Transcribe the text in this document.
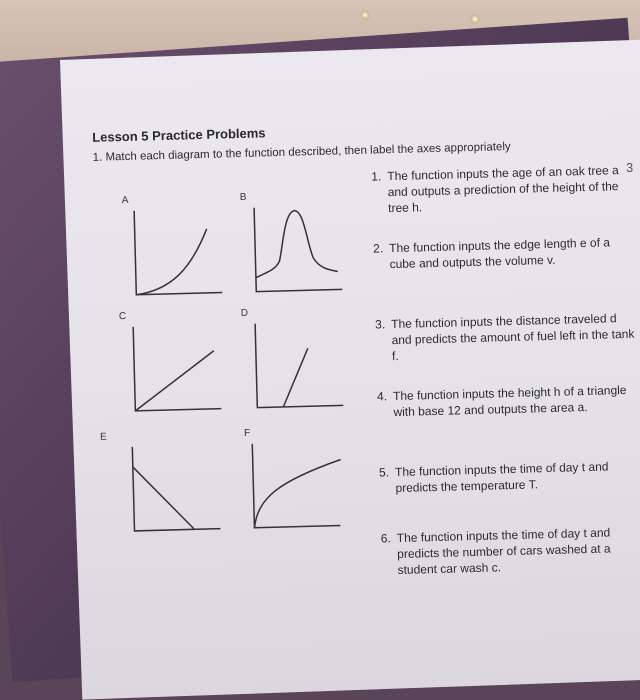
3
Lesson 5 Practice Problems
1. Match each diagram to the function described, then label the axes appropriately
A	B
C	D
E	F
1. The function inputs the age of an oak tree a and outputs a prediction of the height of the tree h.
2. The function inputs the edge length e of a cube and outputs the volume v.
3. The function inputs the distance traveled d and predicts the amount of fuel left in the tank f.
4. The function inputs the height h of a triangle with base 12 and outputs the area a.
5. The function inputs the time of day t and predicts the temperature T.
6. The function inputs the time of day t and predicts the number of cars washed at a student car wash c.
